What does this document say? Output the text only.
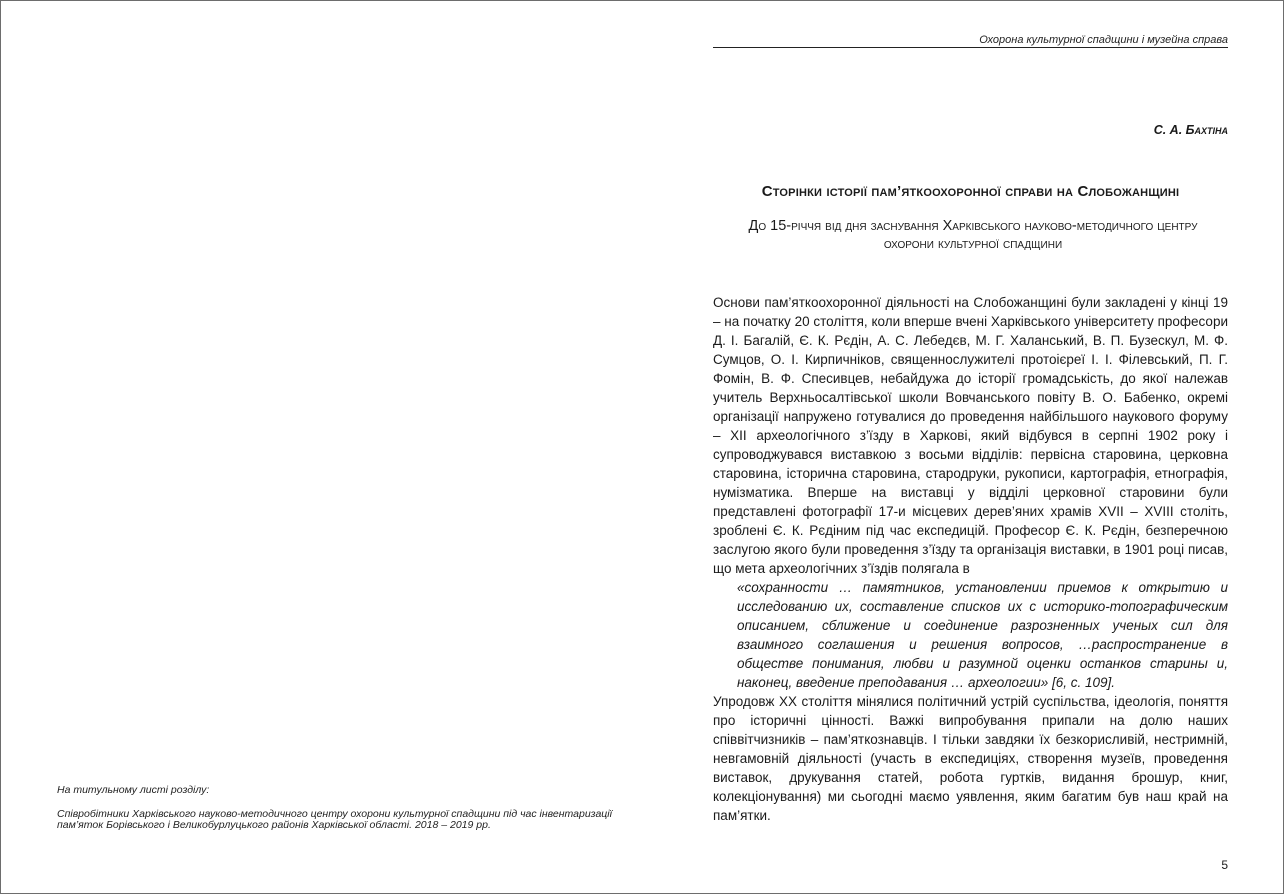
На титульному листі розділу:
Співробітники Харківського науково-методичного центру охорони культурної спадщини під час інвентаризації пам’яток Борівського і Великобурлуцького районів Харківської області. 2018 – 2019 рр.
Охорона культурної спадщини і музейна справа
С. А. Бахтіна
Сторінки історії пам’яткоохоронної справи на Слобожанщині
До 15-річчя від дня заснування Харківського науково-методичного центру охорони культурної спадщини

Основи пам’яткоохоронної діяльності на Слобожанщині були закладені у кінці 19 – на початку 20 століття, коли вперше вчені Харківського університету професори Д. І. Багалій, Є. К. Рєдін, А. С. Лебедєв, М. Г. Халанський, В. П. Бузескул, М. Ф. Сумцов, О. І. Кирпичніков, священнослужителі протоієреї І. І. Філевський, П. Г. Фомін, В. Ф. Спесивцев, небайдужа до історії громадськість, до якої належав учитель Верхньосалтівської школи Вовчанського повіту В. О. Бабенко, окремі організації напружено готувалися до проведення найбільшого наукового форуму – XII археологічного з’їзду в Харкові, який відбувся в серпні 1902 року і супроводжувався виставкою з восьми відділів: первісна старовина, церковна старовина, історична старовина, стародруки, рукописи, картографія, етнографія, нумізматика. Вперше на виставці у відділі церковної старовини були представлені фотографії 17-и місцевих дерев’яних храмів XVII – XVIII століть, зроблені Є. К. Рєдіним під час експедицій. Професор Є. К. Рєдін, безперечною заслугою якого були проведення з’їзду та організація виставки, в 1901 році писав, що мета археологічних з’їздів полягала в

«сохранности … памятников, установлении приемов к открытию и исследованию их, составление списков их с историко-топографическим описанием, сближение и соединение разрозненных ученых сил для взаимного соглашения и решения вопросов, …распространение в обществе понимания, любви и разумной оценки останков старины и, наконец, введение преподавания … археологии» [6, с. 109].

Упродовж XX століття мінялися політичний устрій суспільства, ідеологія, поняття про історичні цінності. Важкі випробування припали на долю наших співвітчизників – пам’яткознавців. І тільки завдяки їх безкорисливій, нестримній, невгамовній діяльності (участь в експедиціях, створення музеїв, проведення виставок, друкування статей, робота гуртків, видання брошур, книг, колекціонування) ми сьогодні маємо уявлення, яким багатим був наш край на пам’ятки.

5
